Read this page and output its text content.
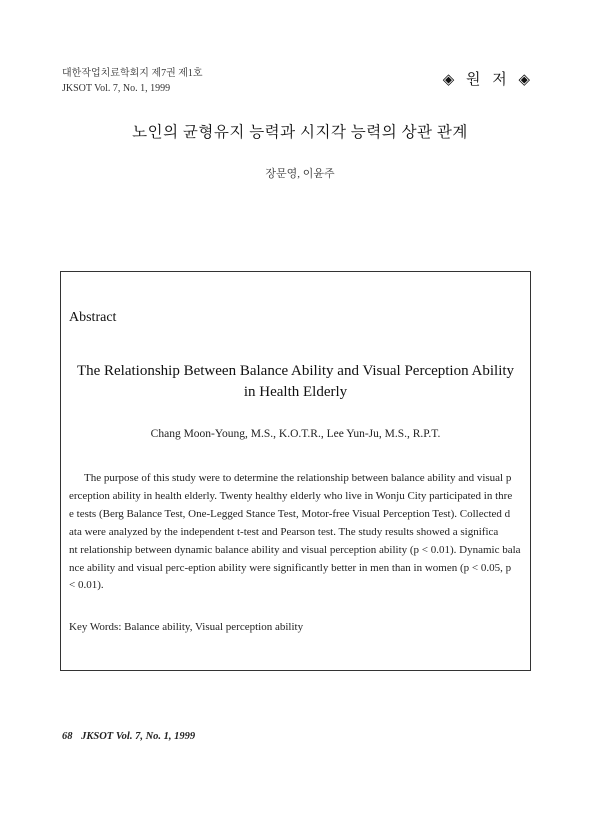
대한작업치료학회지 제7권 제1호
JKSOT Vol. 7, No. 1, 1999
◈ 원 저 ◈
노인의 균형유지 능력과 시지각 능력의 상관 관계
장문영, 이윤주
Abstract
The Relationship Between Balance Ability and Visual Perception Ability
in Health Elderly
Chang Moon-Young, M.S., K.O.T.R., Lee Yun-Ju, M.S., R.P.T.
The purpose of this study were to determine the relationship between balance ability and visual p
erception ability in health elderly. Twenty healthy elderly who live in Wonju City participated in thre
e tests (Berg Balance Test, One-Legged Stance Test, Motor-free Visual Perception Test). Collected d
ata were analyzed by the independent t-test and Pearson test. The study results showed a significa
nt relationship between dynamic balance ability and visual perception ability (p < 0.01). Dynamic bala
nce ability and visual perc-eption ability were significantly better in men than in women (p < 0.05, p
< 0.01).
Key Words: Balance ability, Visual perception ability
68 JKSOT Vol. 7, No. 1, 1999
